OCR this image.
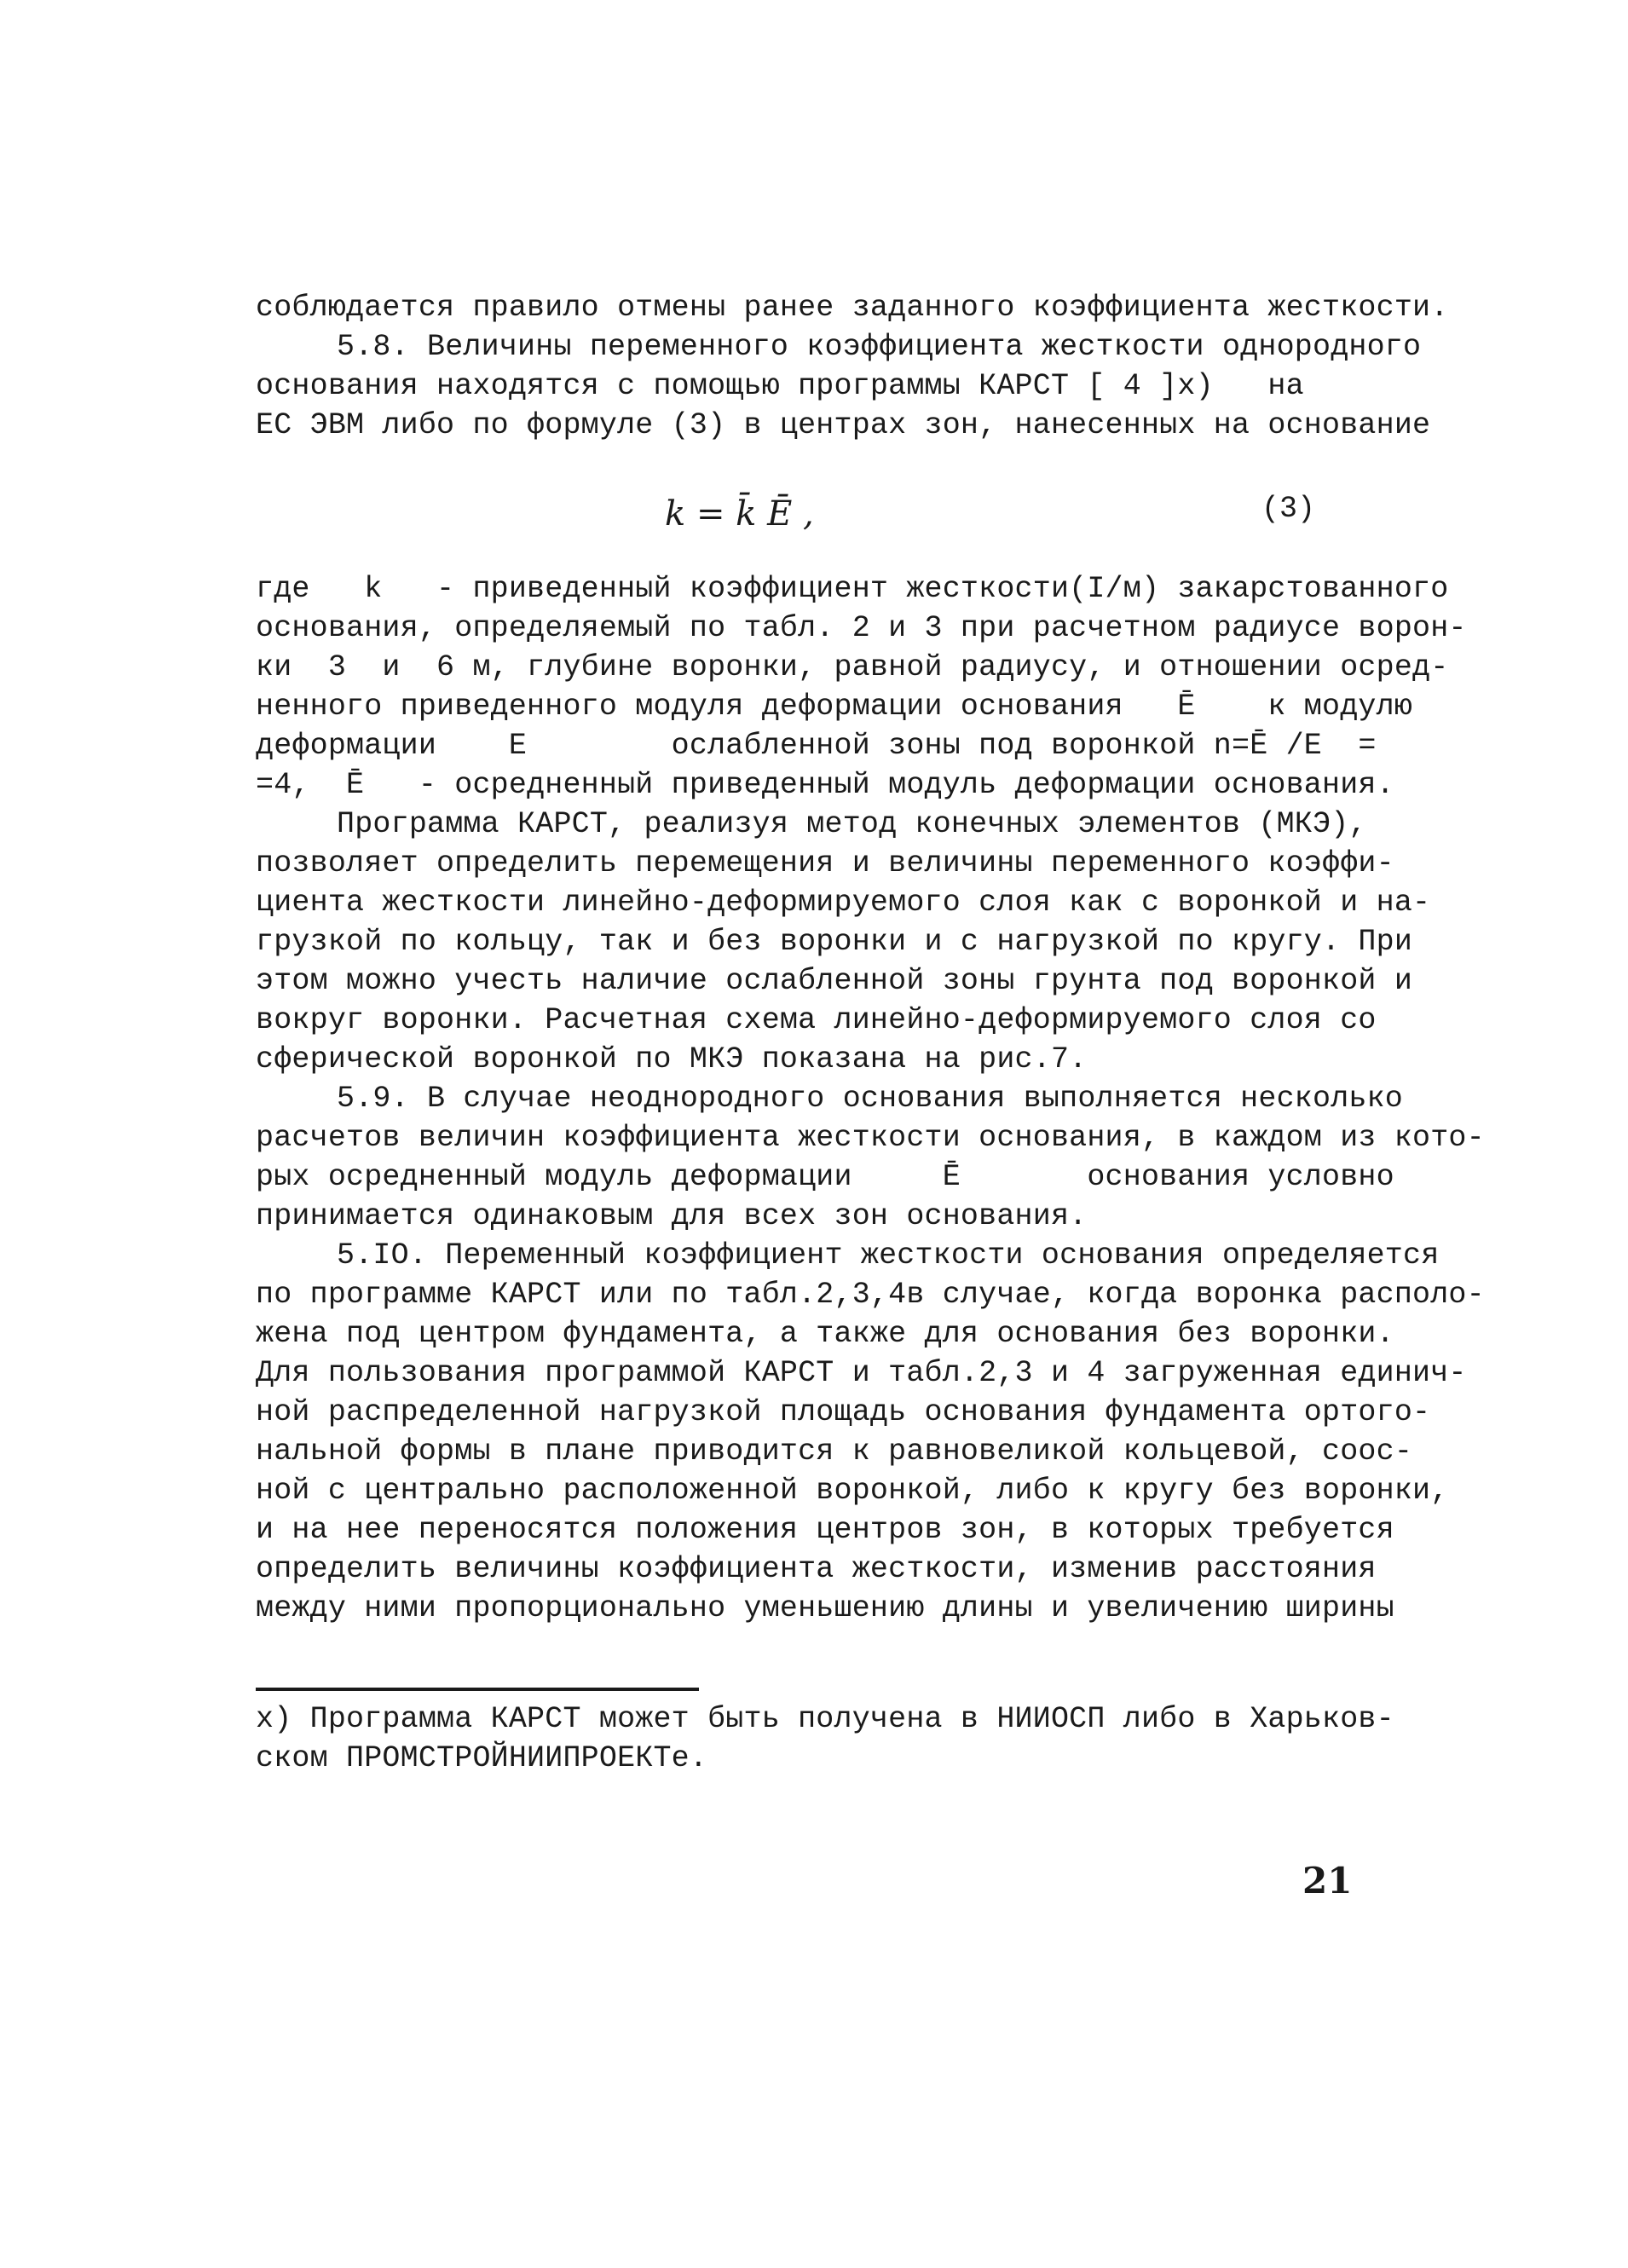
соблюдается правило отмены ранее заданного коэффициента жесткости.
5.8. Величины переменного коэффициента жесткости однородного
основания находятся с помощью программы КАРСТ [ 4 ]x)   на
ЕС ЭВМ либо по формуле (3) в центрах зон, нанесенных на основание
k = k̄ Ē ,	(3)
где   k   - приведенный коэффициент жесткости(I/м) закарстованного
основания, определяемый по табл. 2 и 3 при расчетном радиусе ворон-
ки  3  и  6 м, глубине воронки, равной радиусу, и отношении осред-
ненного приведенного модуля деформации основания   Ē    к модулю
деформации    E        ослабленной зоны под воронкой n=Ē /E  =
=4,  Ē   - осредненный приведенный модуль деформации основания.
Программа КАРСТ, реализуя метод конечных элементов (МКЭ),
позволяет определить перемещения и величины переменного коэффи-
циента жесткости линейно-деформируемого слоя как с воронкой и на-
грузкой по кольцу, так и без воронки и с нагрузкой по кругу. При
этом можно учесть наличие ослабленной зоны грунта под воронкой и
вокруг воронки. Расчетная схема линейно-деформируемого слоя со
сферической воронкой по МКЭ показана на рис.7.
5.9. В случае неоднородного основания выполняется несколько
расчетов величин коэффициента жесткости основания, в каждом из кото-
рых осредненный модуль деформации     Ē       основания условно
принимается одинаковым для всех зон основания.
5.IO. Переменный коэффициент жесткости основания определяется
по программе КАРСТ или по табл.2,3,4в случае, когда воронка располо-
жена под центром фундамента, а также для основания без воронки.
Для пользования программой КАРСТ и табл.2,3 и 4 загруженная единич-
ной распределенной нагрузкой площадь основания фундамента ортого-
нальной формы в плане приводится к равновеликой кольцевой, соос-
ной с центрально расположенной воронкой, либо к кругу без воронки,
и на нее переносятся положения центров зон, в которых требуется
определить величины коэффициента жесткости, изменив расстояния
между ними пропорционально уменьшению длины и увеличению ширины
x) Программа КАРСТ может быть получена в НИИОСП либо в Харьков-
ском ПРОМСТРОЙНИИПРОЕКТе.
21
